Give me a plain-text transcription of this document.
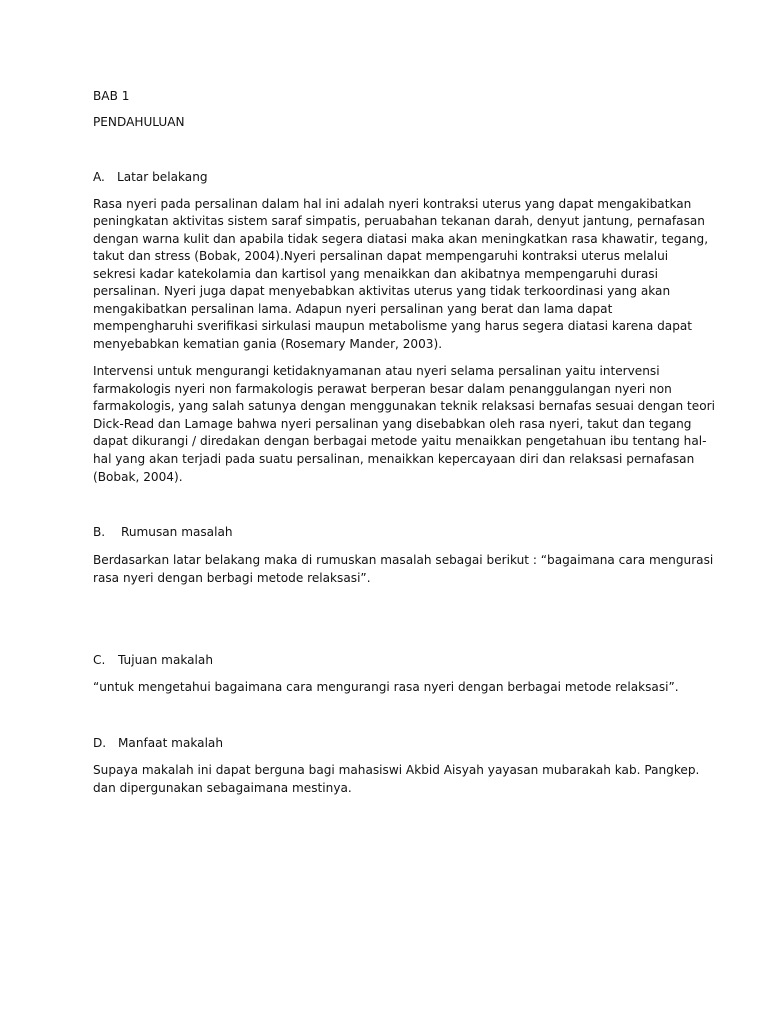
BAB 1
PENDAHULUAN
A. Latar belakang
Rasa nyeri pada persalinan dalam hal ini adalah nyeri kontraksi uterus yang dapat mengakibatkan
peningkatan aktivitas sistem saraf simpatis, peruabahan tekanan darah, denyut jantung, pernafasan
dengan warna kulit dan apabila tidak segera diatasi maka akan meningkatkan rasa khawatir, tegang,
takut dan stress (Bobak, 2004).Nyeri persalinan dapat mempengaruhi kontraksi uterus melalui
sekresi kadar katekolamia dan kartisol yang menaikkan dan akibatnya mempengaruhi durasi
persalinan. Nyeri juga dapat menyebabkan aktivitas uterus yang tidak terkoordinasi yang akan
mengakibatkan persalinan lama. Adapun nyeri persalinan yang berat dan lama dapat
mempengharuhi sverifikasi sirkulasi maupun metabolisme yang harus segera diatasi karena dapat
menyebabkan kematian gania (Rosemary Mander, 2003).
Intervensi untuk mengurangi ketidaknyamanan atau nyeri selama persalinan yaitu intervensi
farmakologis nyeri non farmakologis perawat berperan besar dalam penanggulangan nyeri non
farmakologis, yang salah satunya dengan menggunakan teknik relaksasi bernafas sesuai dengan teori
Dick-Read dan Lamage bahwa nyeri persalinan yang disebabkan oleh rasa nyeri, takut dan tegang
dapat dikurangi / diredakan dengan berbagai metode yaitu menaikkan pengetahuan ibu tentang hal-
hal yang akan terjadi pada suatu persalinan, menaikkan kepercayaan diri dan relaksasi pernafasan
(Bobak, 2004).
B. Rumusan masalah
Berdasarkan latar belakang maka di rumuskan masalah sebagai berikut : “bagaimana cara mengurasi
rasa nyeri dengan berbagi metode relaksasi”.
C. Tujuan makalah
“untuk mengetahui bagaimana cara mengurangi rasa nyeri dengan berbagai metode relaksasi”.
D. Manfaat makalah
Supaya makalah ini dapat berguna bagi mahasiswi Akbid Aisyah yayasan mubarakah kab. Pangkep.
dan dipergunakan sebagaimana mestinya.
